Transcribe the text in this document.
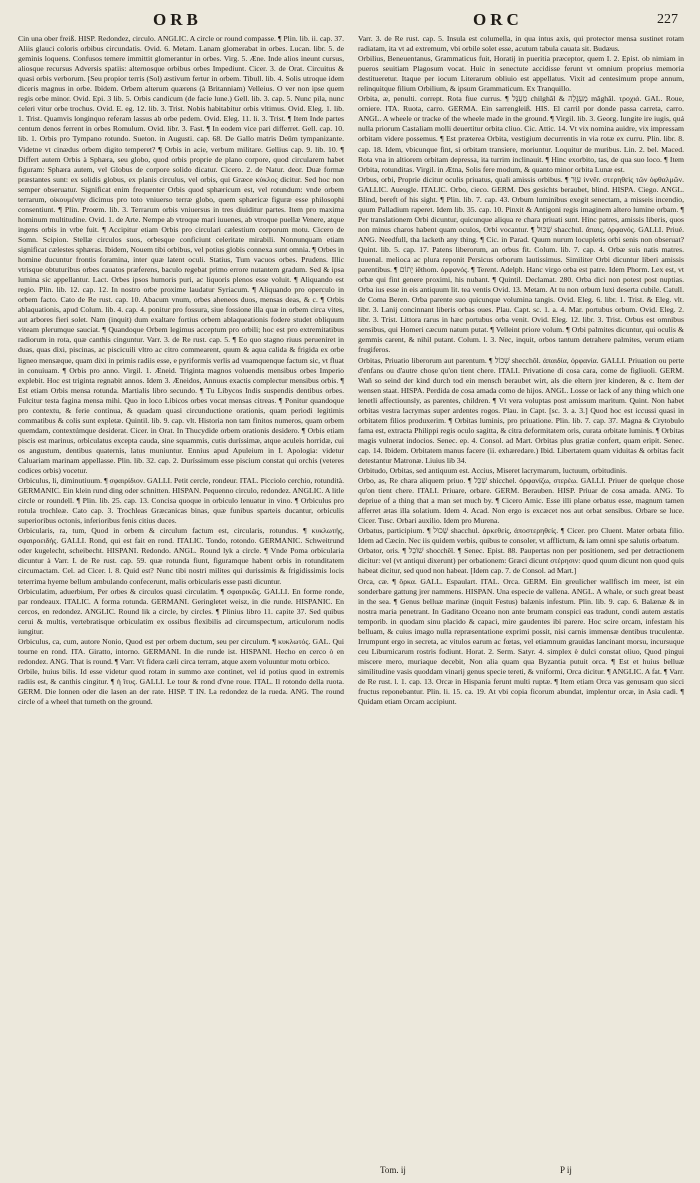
ORB	ORC	227

Cin una ober freiß. HISP. Redondez, circulo. ANGLIC. A circle or round compasse. ¶ Plin. lib. ii. cap. 37. Aliis glauci coloris orbibus circundatis. Ovid. 6. Metam. Lanam glomerabat in orbes. Lucan. libr. 5. de geminis loquens. Confusos temere immittit glomerantur in orbes. Virg. 5. Æne. Inde alios ineunt cursus, aliosque recursus Adversis spatiis: alternosque orbibus orbes Impediunt. Cicer. 3. de Orat. Circuitus & quasi orbis verborum. [Seu propior terris (Sol) æstivum fertur in orbem. Tibull. lib. 4. Solis utroque idem diceris magnus in orbe. Ibidem. Orbem alterum quærens (à Britanniam) Velleius. O ver non ipse quem regis orbe minor. Ovid. Epi. 3 lib. 5. Orbis candicum (de facie lune.) Gell. lib. 3. cap. 5. Nunc pila, nunc celeri vitur orbe trochus. Ovid. E. eg. 12. lib. 3. Trist. Nobis habitabitur orbis vltimus. Ovid. Eleg. 1. lib. 1. Trist. Quamvis longinquo referam lassus ab orbe pedem. Ovid. Eleg. 11. li. 3. Trist. ¶ Item Inde partes centum denos ferrent in orbes Romulum. Ovid. libr. 3. Fast. ¶ In eodem vice pari differret. Gell. cap. 10. lib. 1. Orbis pro Tympano rotundo. Sueton. in Augusti. cap. 68. De Gallo matris Deûm tympanizante. Videtne vt cinædus orbem digito temperet? ¶ Orbis in acie, verbum militare. Gellius cap. 9. lib. 10. ¶ Differt autem Orbis à Sphæra, seu globo, quod orbis proprie de plano corpore, quod circularem habet figuram: Sphæra autem, vel Globus de corpore solido dicatur. Cicero. 2. de Natur. deor. Duæ formæ præstantes sunt: ex solidis globus, ex planis circulus, vel orbis, qui Græce κύκλος dicitur. Sed hoc non semper obseruatur. Significat enim frequenter Orbis quod sphæricum est, vel rotundum: vnde orbem terrarum, οἰκουμένην dicimus pro toto vniuerso terræ globo, quem sphæricæ figuræ esse philosophi consentiunt. ¶ Plin. Proœm. lib. 3. Terrarum orbis vniuersus in tres diuiditur partes. Item pro maxima hominum multitudine. Ovid. 1. de Arte. Nempe ab vtroque mari iuuenes, ab vtroque puellæ Venere, atque ingens orbis in vrbe fuit. ¶ Accipitur etiam Orbis pro circulari cælestium corporum motu. Cicero de Somn. Scipion. Stellæ circulos suos, orbesque conficiunt celeritate mirabili. Nonnunquam etiam significat cælestes sphæras. Ibidem, Nouem tibi orbibus, vel potius globis connexa sunt omnia. ¶ Orbes in homine ducuntur frontis foramina, inter quæ latent oculi. Statius, Tum vacuos orbes. Prudens. Illic vtrisque obtuturibus orbes cauatos præferens, baculo regebat primo errore nutantem gradum. Sed & ipsa lumina sic appellantur. Lact. Orbes ipsos humoris puri, ac liquoris plenos esse voluit. ¶ Aliquando est regio. Plin. lib. 12. cap. 12. In nostro orbe proxime laudatur Syriacum. ¶ Aliquando pro operculo in orbem facto. Cato de Re rust. cap. 10. Abacum vnum, orbes aheneos duos, mensas deas, & c. ¶ Orbis ablaquationis, apud Colum. lib. 4. cap. 4. ponitur pro fossura, siue fossione illa quæ in orbem circa vites, aut arbores fieri solet. Nam (inquit) dum exaltare fortius orbem ablaqueationis fodere studet obliquum viteam plerumque sauciat. ¶ Quandoque Orbem legimus acceptum pro orbili; hoc est pro extremitatibus radiorum in rota, quæ canthis cinguntur. Varr. 3. de Re rust. cap. 5. ¶ Eo quo stagno riuus perueniret in duas, quas dixi, piscinas, ac piscicuili vltro ac citro commearent, quum & aqua calida & frigida ex orbe ligneo mensæque, quam dixi in primis radiis esse, e pyriformis verlis ad vuamquenque factum sic, vt fluat in conuiuam. ¶ Orbis pro anno. Virgil. 1. Æneid. Triginta magnos voluendis mensibus orbes Imperio explebit. Hoc est triginta regnabit annos. Idem 3. Æneidos, Annuus exactis complectur mensibus orbis. ¶ Est etiam Orbis mensa rotunda. Martialis libro secundo. ¶ Tu Libycos Indis suspendis dentibus orbes. Fulcitur testa fagina mensa mihi. Quo in loco Libicos orbes vocat mensas citreas. ¶ Ponitur quandoque pro contextu, & ferie continua, & quadam quasi circunductione orationis, quam periodi legitimis commatibus & colis sunt expletæ. Quintil. lib. 9. cap. vlt. Historia non tam finitos numeros, quam orbem quemdam, contextúmque desiderat. Cicer. in Orat. In Thucydide orbem orationis desidero. ¶ Orbis etiam piscis est marinus, orbiculatus excepta cauda, sine squammis, cutis duríssimæ, atque aculeis horridæ, cui os angustum, dentibus quaternis, latus muniuntur. Ennius apud Apuleium in I. Apologia: videtur Caluariam marinam appellasse. Plin. lib. 32. cap. 2. Duríssimum esse piscium constat qui orchis (veteres codices orbis) vocetur.

Orbiculus, li, diminutiuum. ¶ σφαιρίδιον. GALLI. Petit cercle, rondeur. ITAL. Picciolo cerchio, rotundità. GERMANIC. Ein klein rund ding oder schnitten. HISPAN. Pequenno circulo, redondez. ANGLIC. A litle circle or roundell. ¶ Plin. lib. 25. cap. 13. Concisa quoque in orbiculo lenuatur in vino. ¶ Orbiculus pro rotula trochleæ. Cato cap. 3. Trochleas Græcanicas binas, quæ funibus sparteis ducantur, orbiculis superioribus octonis, inferioribus fenis citius duces.

Orbicularis, ra, tum, Quod in orbem & circulum factum est, circularis, rotundus. ¶ κυκλωτής, σφαιροειδής. GALLI. Rond, qui est fait en rond. ITALIC. Tondo, rotondo. GERMANIC. Schweitrund oder kugelecht, scheibecht. HISPANI. Redondo. ANGL. Round lyk a circle. ¶ Vnde Poma orbicularia dicuntur à Varr. I. de Re rust. cap. 59. quæ rotunda fiunt, figuramque habent orbis in rotunditatem circumactam. Cel. ad Cicer. l. 8. Quid est? Nunc tibi nostri milites qui durissimis & frigidissimis locis teterrima hyeme bellum ambulando confecerunt, malis orbicularis esse pasti dicuntur.

Orbiculatim, aduerbium, Per orbes & circulos quasi circulatim. ¶ σφαιρικῶς. GALLI. En forme ronde, par rondeaux. ITALIC. A forma rotunda. GERMANI. Geringletet weisz, in die runde. HISPANIC. En cercos, en redondez. ANGLIC. Round lik a circle, by circles. ¶ Plinius libro 11. capite 37. Sed quibus cerui & multis, vertebratisque orbiculatim ex ossibus flexibilis ad circumspectum, articulorum nodis iungitur.

Orbiculus, ca, cum, autore Nonio, Quod est per orbem ductum, seu per circulum. ¶ κυκλωτός. GAL. Qui tourne en rond. ITA. Giratto, intorno. GERMANI. In die runde ist. HISPANI. Hecho en cerco ò en redondez. ANG. That is round. ¶ Varr. Vt fidera cæli circa terram, atque axem voluuntur motu orbico.

Orbile, huius bilis. Id esse videtur quod rotam in summo axe continet, vel id potius quod in extremis radiis est, & canthis cingitur. ¶ ἡ ἴτυς. GALLI. Le tour & rond d'vne roue. ITAL. Il rotondo della ruota. GERM. Die lonnen oder die lasen an der rate. HISP. T IN. La redondez de la rueda. ANG. The round circle of a wheel that turneth on the ground.

Varr. 3. de Re rust. cap. 5. Insula est columella, in qua intus axis, qui protector mensa sustinet rotam radiatam, ita vt ad extremum, vbi orbile solet esse, acutum tabula cauata sit. Budæus.

Orbilius, Beneuentanus, Grammaticus fuit, Horatij in pueritia præceptor, quem I. 2. Epist. ob nimiam in pueros seuitiam Plagosum vocat. Huic in senectute accidisse ferunt vt omnium proprius memoria destitueretur. Itaque per iocum Literarum obliuio est appellatus. Vixit ad centesimum prope annum, relinquitque filium Orbilium, & ipsum Grammaticum. Ex Tranquillo.

Orbita, æ, penulti. corrept. Rota fiue currus. ¶ מַעְגָּל chilghâl & מַעְגָּלָה mâghâl. τροχιά. GAL. Roue, orniere. ITA. Ruota, carro. GERMA. Ein sarrengleiß. HIS. El carril por donde passa carreta, carro. ANGL. A wheele or tracke of the wheele made in the ground. ¶ Virgil. lib. 3. Georg. Iungite ire iugis, quá nulla priorum Castaliam molli deuertitur orbita cliuo. Cic. Attic. 14. Vt vix nomina auidre, vix impressam orbitam videre possemus. ¶ Est præterea Orbita, vestigium decurrentis in via rotæ ex curru. Plin. libr. 8. cap. 18. Idem, vbicunque fint, si orbitam transiere, moriuntur. Loquitur de muribus. Lin. 2. bel. Maced. Rota vna in altiorem orbitam depressa, ita turrim inclinauit. ¶ Hinc exorbito, tas, de qua suo loco. ¶ Item Orbita, rotunditas. Virgil. in Ætna, Solis fere modum, & quanto minor orbita Lunæ est.

Orbus, orbi, Proprie dicitur oculis priuatus, quali amissis orbibus. ¶ עִוֵּר ivvêr. στερηθεὶς τῶν ὀφθαλμῶν. GALLIC. Aueugle. ITALIC. Orbo, cieco. GERM. Des gesichts beraubet, blind. HISPA. Ciego. ANGL. Blind, bereft of his sight. ¶ Plin. lib. 7. cap. 43. Orbum luminibus exegit senectam, a misseis incendio, quum Palladium raperet. Idem lib. 35. cap. 10. Pinxit & Antigoni regis imaginem altero lumine orbam. ¶ Per translationem Orbi dicuntur, quicunque aliqua re chara priuati sunt. Hinc patres, amissis liberis, quos non minus charos habent quam oculos, Orbi vocantur. ¶ שַׁכּוּל shacchul. ἄπαις, ὀρφανός. GALLI. Priué. ANG. Needfull, tha lacketh any thing. ¶ Cic. in Parad. Quum nurum locupletis orbi senis non obseruat? Quint. lib. 5. cap. 17. Patens liberorum, an orbus fit. Colum. lib. 7. cap. 4. Orbæ suis natis matres. Iuuenal. melioca ac plura reponit Persicus orborum lautissimus. Similiter Orbi dicuntur liberi amissis parentibus. ¶ יָתוֹם iêthom. ὀρφανός. ¶ Terent. Adelph. Hanc virgo orba est patre. Idem Phorm. Lex est, vt orbæ qui fint genere proximi, his nubant. ¶ Quintil. Declamat. 280. Orba dici non potest post nuptias. Orba ius esse in eis antiquum lit. tea ventis Ovid. 13. Metam. At tu non orbum luxi deserta cubile. Catull. de Coma Beren. Orba parente suo quicunque volumina tangis. Ovid. Eleg. 6. libr. 1. Trist. & Eleg. vlt. libr. 3. Lanij concinnant liberis orbas oues. Plau. Capt. sc. 1. a. 4. Mar. portubus orbum. Ovid. Eleg. 2. libr. 3. Trist. Littora rarus in hæc portubus orba venit. Ovid. Eleg. 12. libr. 3. Trist. Orbus est omnibus sensibus, qui Homeri cæcum natum putat. ¶ Velleint priore volum. ¶ Orbi palmites dicuntur, qui oculis & gemmis carent, & nihil putant. Colum. l. 3. Nec, inquit, orbos tantum detrahere palmites, verum etiam frugiferos.

Orbitas, Priuatio liberorum aut parentum. ¶ שְׁכוֹל shecchôl. ἀπαιδία, ὀρφανία. GALLI. Priuation ou perte d'enfans ou d'autre chose qu'on tient chere. ITALI. Privatione di cosa cara, come de figliuoli. GERM. Wañ so seind der kind durch tod ein mensch beraubet wirt, als die eltern jrer kinderen, & c. Item der wensen staat. HISPA. Perdida de cosa amada como de hijos. ANGL. Losse or lack of any thing which one lenetli affectiounsly, as parentes, children. ¶ Vt vera voluptas post amissum maritum. Quint. Non habet orbitas vestra lacrymas super ardentes rogos. Plau. in Capt. [sc. 3. a. 3.] Quod hoc est iccussi quasi in orbitatem filios produxerim. ¶ Orbitas luminis, pro priuatione. Plin. lib. 7. cap. 37. Magna & Crytobulo fama est, extracta Philippi regis oculo sagitta, & citra deformitatem oris, curata orbitate luminis. ¶ Orbitas magis vulnerat indocios. Senec. ep. 4. Consol. ad Mart. Orbitas plus gratiæ confert, quam eripit. Senec. cap. 14. Ibidem. Orbitatem manus facere (ii. exhæredare.) Ibid. Libertatem quam viduitas & orbitas facit detestantur Matronæ. Liuius lib 34.

Orbitudo, Orbitas, sed antiquum est. Accius, Miseret lacrymarum, luctuum, orbitudinis.

Orbo, as, Re chara aliquem priuo. ¶ שִׁכֵּל shicchel. ὀρφανίζω, στερέω. GALLI. Priuer de quelque chose qu'on tient chere. ITALI. Priuare, orbare. GERM. Berauben. HISP. Priuar de cosa amada. ANG. To depriue of a thing that a man set much by. ¶ Cicero Amic. Esse illi plane orbatus esse, magnum tamen afferret ætas illa solatium. Idem 4. Acad. Non ergo is excæcet nos aut orbat sensibus. Orbare se luce. Cicer. Tusc. Orbari auxilio. Idem pro Murena.

Orbatus, participium. ¶ שָׁכוּל shacchul. ἀρκεθείς, ἀποστερηθείς. ¶ Cicer. pro Cluent. Mater orbata filio. Idem ad Cæcin. Nec iis quidem verbis, quibus te consoler, vt afflictum, & iam omni spe salutis orbatum.

Orbator, oris. ¶ שׁוֹכֵל shocchêl. ¶ Senec. Epist. 88. Paupertas non per positionem, sed per detractionem dicitur: vel (vt antiqui dixerunt) per orbationem: Græci dicunt στέρησιν: quod quum dicunt non quod quis habeat dicitur, sed quod non habeat. [Idem cap. 7. de Consol. ad Mart.]

Orca, cæ. ¶ ὄρκα. GALL. Espaulart. ITAL. Orca. GERM. Ein greulicher wallfisch im meer, ist ein sonderbare gattung jrer nammens. HISPAN. Una especie de vallena. ANGL. A whale, or such great beast in the sea. ¶ Genus belluæ marinæ (inquit Festus) balænis infestum. Plin. lib. 9. cap. 6. Balænæ & in nostra maria penetrant. In Gaditano Oceano non ante brumam conspici eas tradunt, condi autem æstatis temporib. in quodam sinu placido & capaci, mire gaudentes ibi parere. Hoc scire orcam, infestam his belluam, & cuius imago nulla repræsentatione exprimi possit, nisi carnis immensæ dentibus truculentæ. Irrumpunt ergo in secreta, ac vitulos earum ac fœtas, vel etiamnum grauidas lancinant morsu, incursuque ceu Liburnicarum rostris fodiunt. Horat. 2. Serm. Satyr. 4. simplex è dulci constat oliuo, Quod pingui miscere mero, muriaque decebit, Non alia quam qua Byzantia putuit orca. ¶ Est et huius belluæ similitudine vasis quoddam vinarij genus specie tereti, & vniformi, Orca dicitur. ¶ ANGLIC. A fat. ¶ Varr. de Re rust. l. 1. cap. 13. Orcæ in Hispania ferunt multi ruptæ. ¶ Item etiam Orca vas genusam quo sicci fructus reponebantur. Plin. li. 15. ca. 19. At vbi copia ficorum abundat, implentur orcæ, in Asia cadi. ¶ Quidam etiam Orcam accipiunt.

Tom. ij	P ij
